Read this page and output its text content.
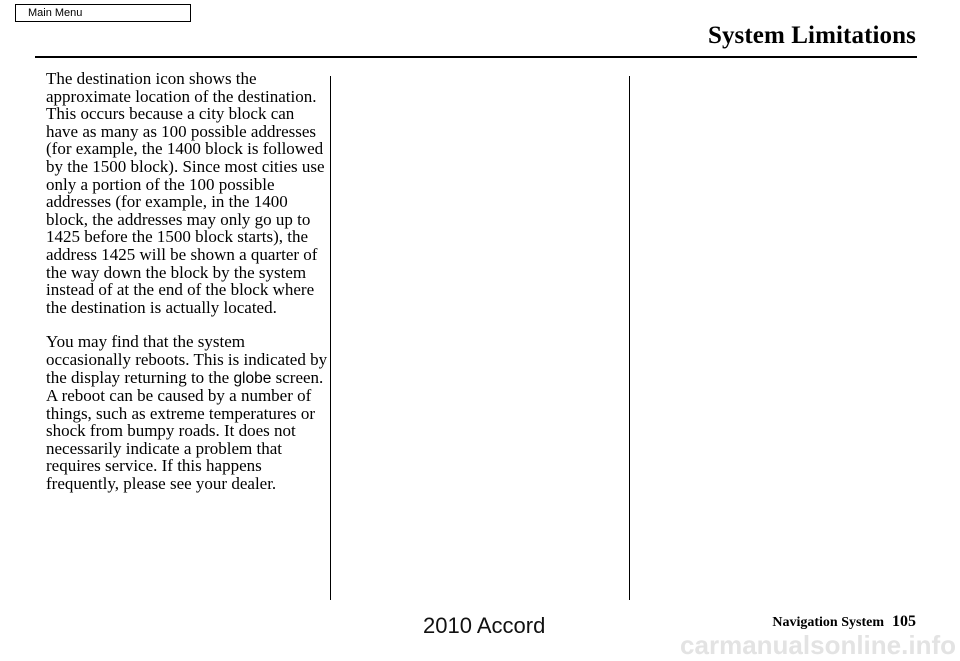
Main Menu
System Limitations

The destination icon shows the approximate location of the destination. This occurs because a city block can have as many as 100 possible addresses (for example, the 1400 block is followed by the 1500 block). Since most cities use only a portion of the 100 possible addresses (for example, in the 1400 block, the addresses may only go up to 1425 before the 1500 block starts), the address 1425 will be shown a quarter of the way down the block by the system instead of at the end of the block where the destination is actually located.

You may find that the system occasionally reboots. This is indicated by the display returning to the globe screen. A reboot can be caused by a number of things, such as extreme temperatures or shock from bumpy roads. It does not necessarily indicate a problem that requires service. If this happens frequently, please see your dealer.

Navigation System 105
2010 Accord
carmanualsonline.info
